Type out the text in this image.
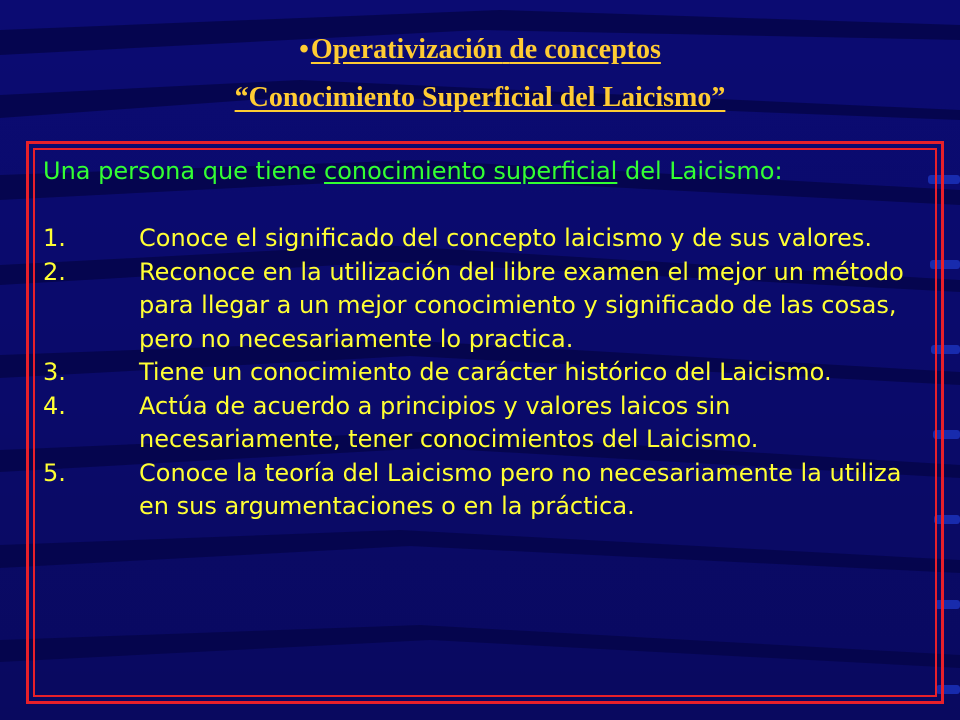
• Operativización
de conceptos
“Conocimiento Superficial del Laicismo”
Una persona que tiene conocimiento superficial del Laicismo:
1.	Conoce el significado del concepto laicismo y de sus valores.
2.	Reconoce en la utilización del libre examen el mejor un método para llegar a un mejor conocimiento y significado de las cosas, pero no necesariamente lo practica.
3.	Tiene un conocimiento de carácter histórico del Laicismo.
4.	Actúa de acuerdo a principios y valores laicos sin necesariamente, tener conocimientos del Laicismo.
5.	Conoce la teoría del Laicismo pero no necesariamente la utiliza en sus argumentaciones o en la práctica.
